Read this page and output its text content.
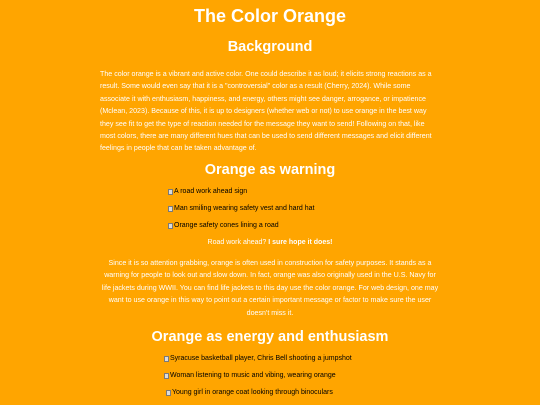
The Color Orange
Background
The color orange is a vibrant and active color. One could describe it as loud; it elicits strong reactions as a result. Some would even say that it is a "controversial" color as a result (Cherry, 2024). While some associate it with enthusiasm, happiness, and energy, others might see danger, arrogance, or impatience (Mclean, 2023). Because of this, it is up to designers (whether web or not) to use orange in the best way they see fit to get the type of reaction needed for the message they want to send! Following on that, like most colors, there are many different hues that can be used to send different messages and elicit different feelings in people that can be taken advantage of.
Orange as warning
A road work ahead sign
Man smiling wearing safety vest and hard hat
Orange safety cones lining a road
Road work ahead? I sure hope it does!
Since it is so attention grabbing, orange is often used in construction for safety purposes. It stands as a warning for people to look out and slow down. In fact, orange was also originally used in the U.S. Navy for life jackets during WWII. You can find life jackets to this day use the color orange. For web design, one may want to use orange in this way to point out a certain important message or factor to make sure the user doesn't miss it.
Orange as energy and enthusiasm
Syracuse basketball player, Chris Bell shooting a jumpshot
Woman listening to music and vibing, wearing orange
Young girl in orange coat looking through binoculars
